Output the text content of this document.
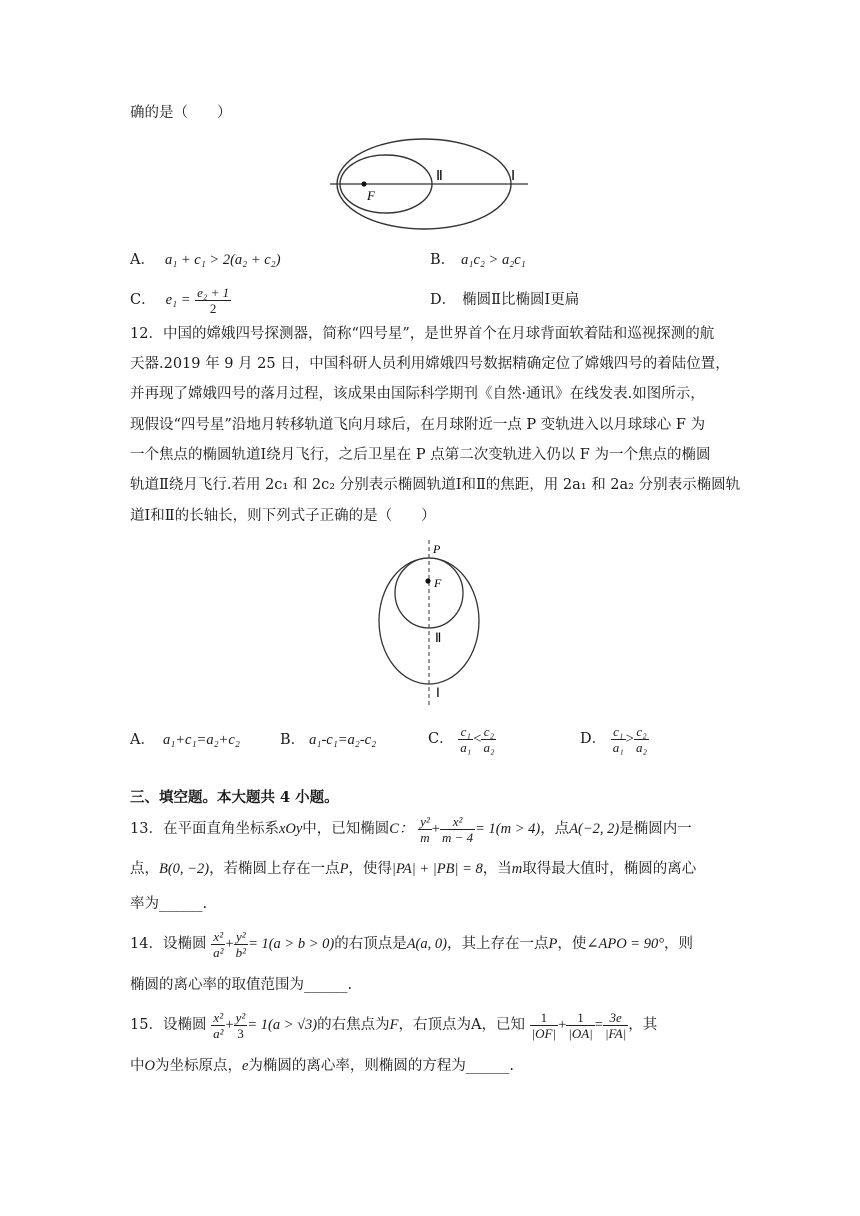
确的是（　　）
F
Ⅱ	Ⅰ
A． a₁ + c₁ > 2(a₂ + c₂)	B． a₁c₂ > a₂c₁
C． $e_1 = \frac{\text{e₂ + 1}}{2}$	D． 椭圆Ⅱ比椭圆Ⅰ更扁
12．中国的嫦娥四号探测器，简称“四号星”，是世界首个在月球背面软着陆和巡视探测的航
天器.2019 年 9 月 25 日，中国科研人员利用嫦娥四号数据精确定位了嫦娥四号的着陆位置，
并再现了嫦娥四号的落月过程，该成果由国际科学期刊《自然·通讯》在线发表.如图所示，
现假设“四号星”沿地月转移轨道飞向月球后，在月球附近一点 P 变轨进入以月球球心 F 为
一个焦点的椭圆轨道Ⅰ绕月飞行，之后卫星在 P 点第二次变轨进入仍以 F 为一个焦点的椭圆
轨道Ⅱ绕月飞行.若用 2c₁ 和 2c₂ 分别表示椭圆轨道Ⅰ和Ⅱ的焦距，用 2a₁ 和 2a₂ 分别表示椭圆轨
道Ⅰ和Ⅱ的长轴长，则下列式子正确的是（　　）
P
F
Ⅱ
Ⅰ
A． a₁+c₁=a₂+c₂	B． a₁-c₁=a₂-c₂	C． $\frac{\text{c₁}}{\text{a₁}} < \frac{\text{c₂}}{\text{a₂}}$	D． $\frac{\text{c₁}}{\text{a₁}} > \frac{\text{c₂}}{\text{a₂}}$
三、填空题。本大题共 4 小题。
13．在平面直角坐标系xOy中，已知椭圆C： $\frac{\text{y²}}{m} + \frac{\text{x²}}{m - 4} = 1(m > 4)$，点A(−2, 2)是椭圆内一
点，B(0, −2)，若椭圆上存在一点P，使得|PA| + |PB| = 8，当m取得最大值时，椭圆的离心
率为______.
14．设椭圆 $\frac{\text{x²}}{\text{a²}} + \frac{\text{y²}}{\text{b²}} = 1(a > b > 0)$的右顶点是A(a, 0)，其上存在一点P，使∠APO = 90°，则
椭圆的离心率的取值范围为______.
15．设椭圆 $\frac{\text{x²}}{\text{a²}} + \frac{\text{y²}}{3} = 1(a > √3)$的右焦点为F，右顶点为A，已知 $\frac{1}{|OF|} + \frac{1}{|OA|} = \frac{3e}{|FA|}$ ，其
中O为坐标原点，e为椭圆的离心率，则椭圆的方程为______.
